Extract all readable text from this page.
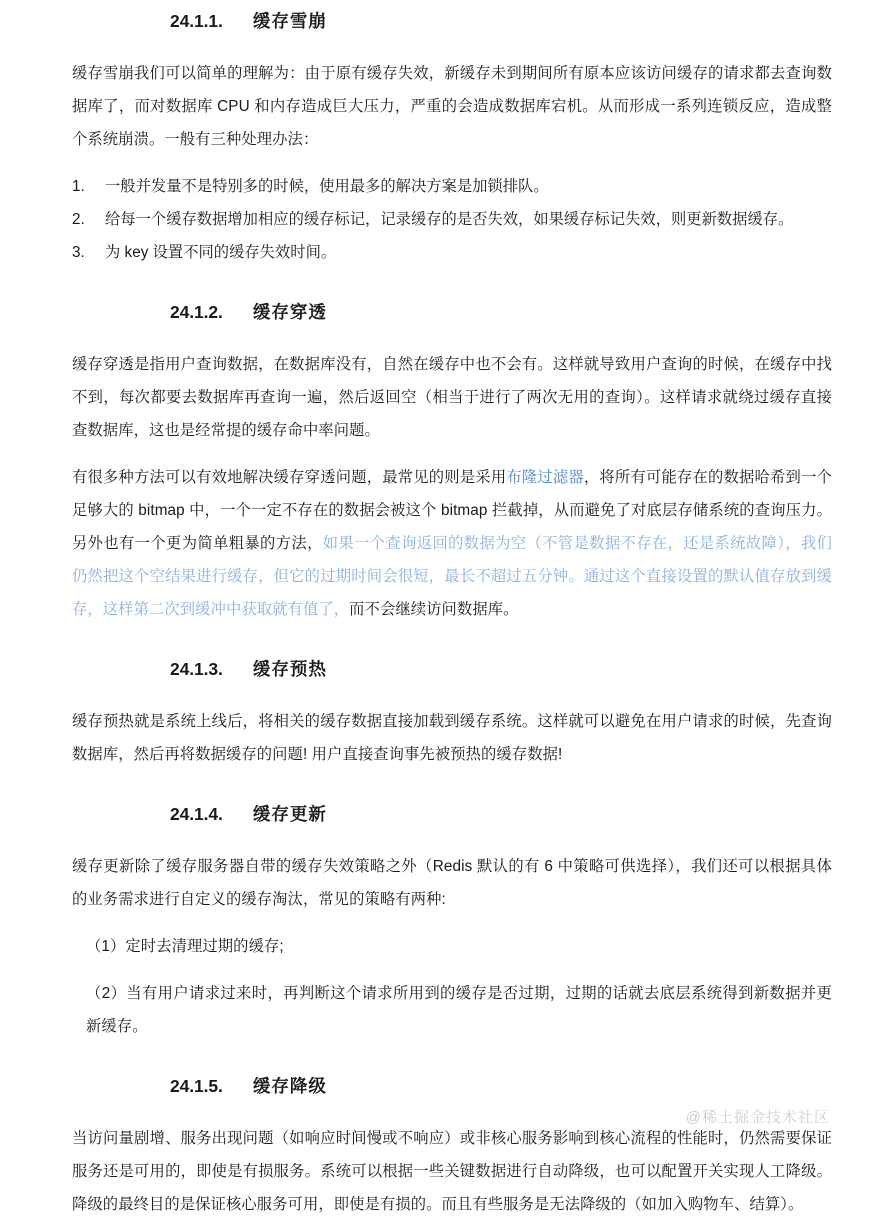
24.1.1. 缓存雪崩

缓存雪崩我们可以简单的理解为：由于原有缓存失效，新缓存未到期间所有原本应该访问缓存的请求都去查询数据库了，而对数据库 CPU 和内存造成巨大压力，严重的会造成数据库宕机。从而形成一系列连锁反应，造成整个系统崩溃。一般有三种处理办法：

1.	一般并发量不是特别多的时候，使用最多的解决方案是加锁排队。
2.	给每一个缓存数据增加相应的缓存标记，记录缓存的是否失效，如果缓存标记失效，则更新数据缓存。
3.	为 key 设置不同的缓存失效时间。
24.1.2. 缓存穿透

缓存穿透是指用户查询数据，在数据库没有，自然在缓存中也不会有。这样就导致用户查询的时候，在缓存中找不到，每次都要去数据库再查询一遍，然后返回空（相当于进行了两次无用的查询）。这样请求就绕过缓存直接查数据库，这也是经常提的缓存命中率问题。

有很多种方法可以有效地解决缓存穿透问题，最常见的则是采用布隆过滤器，将所有可能存在的数据哈希到一个足够大的 bitmap 中，一个一定不存在的数据会被这个 bitmap 拦截掉，从而避免了对底层存储系统的查询压力。另外也有一个更为简单粗暴的方法，如果一个查询返回的数据为空（不管是数据不存在，还是系统故障），我们仍然把这个空结果进行缓存，但它的过期时间会很短，最长不超过五分钟。通过这个直接设置的默认值存放到缓存，这样第二次到缓冲中获取就有值了，而不会继续访问数据库。

24.1.3. 缓存预热

缓存预热就是系统上线后，将相关的缓存数据直接加载到缓存系统。这样就可以避免在用户请求的时候，先查询数据库，然后再将数据缓存的问题! 用户直接查询事先被预热的缓存数据!

24.1.4. 缓存更新

缓存更新除了缓存服务器自带的缓存失效策略之外（Redis 默认的有 6 中策略可供选择），我们还可以根据具体的业务需求进行自定义的缓存淘汰，常见的策略有两种:

（1）定时去清理过期的缓存;

（2）当有用户请求过来时，再判断这个请求所用到的缓存是否过期，过期的话就去底层系统得到新数据并更新缓存。

24.1.5. 缓存降级

当访问量剧增、服务出现问题（如响应时间慢或不响应）或非核心服务影响到核心流程的性能时，仍然需要保证服务还是可用的，即使是有损服务。系统可以根据一些关键数据进行自动降级，也可以配置开关实现人工降级。降级的最终目的是保证核心服务可用，即使是有损的。而且有些服务是无法降级的（如加入购物车、结算）。

@稀土掘金技术社区
